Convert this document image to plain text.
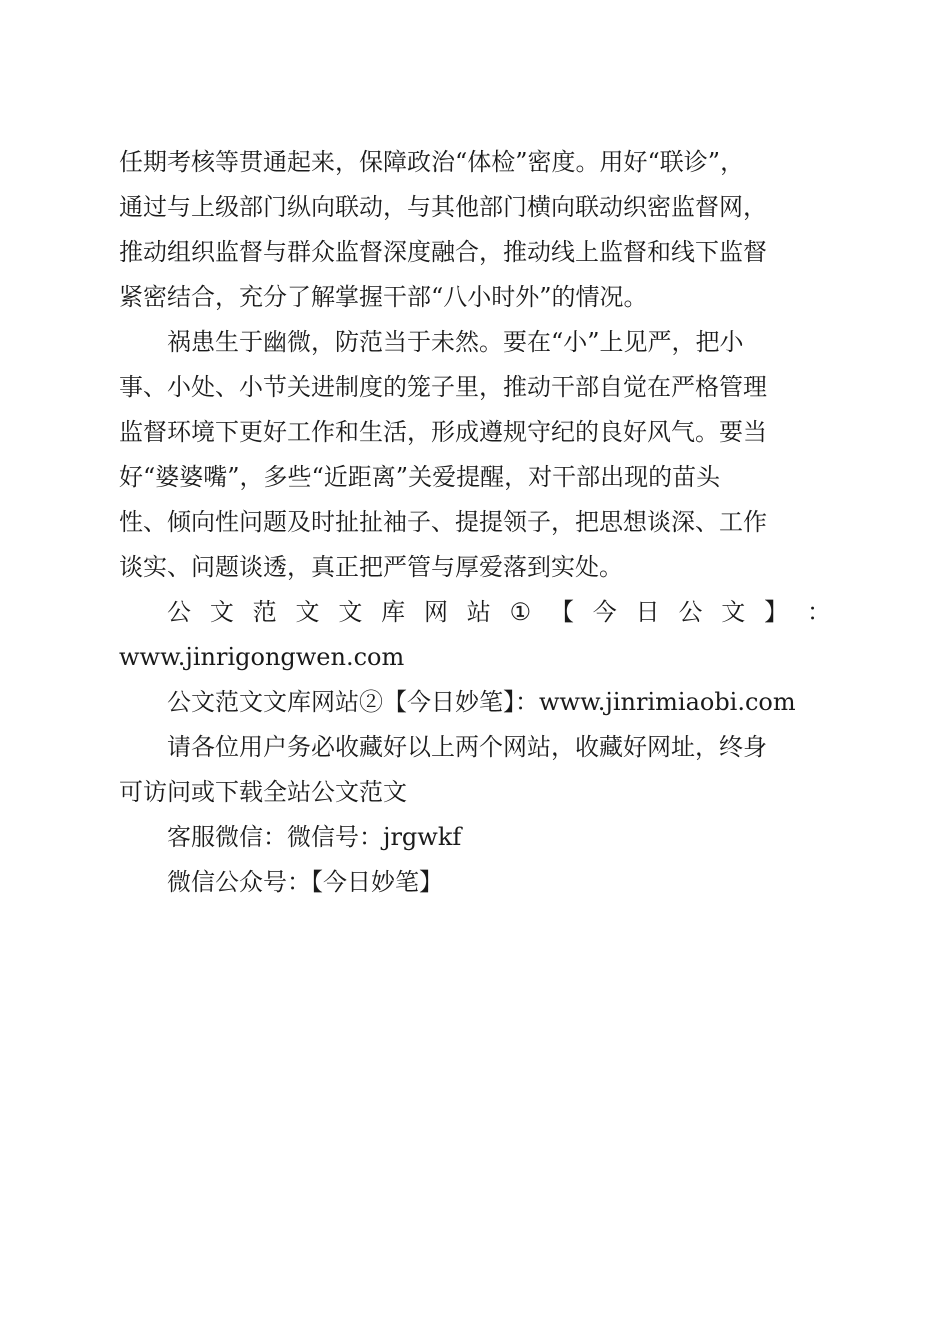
任期考核等贯通起来，保障政治“体检”密度。用好“联诊”，
通过与上级部门纵向联动，与其他部门横向联动织密监督网，
推动组织监督与群众监督深度融合，推动线上监督和线下监督
紧密结合，充分了解掌握干部“八小时外”的情况。

祸患生于幽微，防范当于未然。要在“小”上见严，把小
事、小处、小节关进制度的笼子里，推动干部自觉在严格管理
监督环境下更好工作和生活，形成遵规守纪的良好风气。要当
好“婆婆嘴”，多些“近距离”关爱提醒，对干部出现的苗头
性、倾向性问题及时扯扯袖子、提提领子，把思想谈深、工作
谈实、问题谈透，真正把严管与厚爱落到实处。

公 文 范 文 文 库 网 站 ① 【 今 日 公 文 】 ：
www.jinrigongwen.com

公文范文文库网站②【今日妙笔】：www.jinrimiaobi.com

请各位用户务必收藏好以上两个网站，收藏好网址，终身
可访问或下载全站公文范文

客服微信：微信号：jrgwkf

微信公众号：【今日妙笔】
